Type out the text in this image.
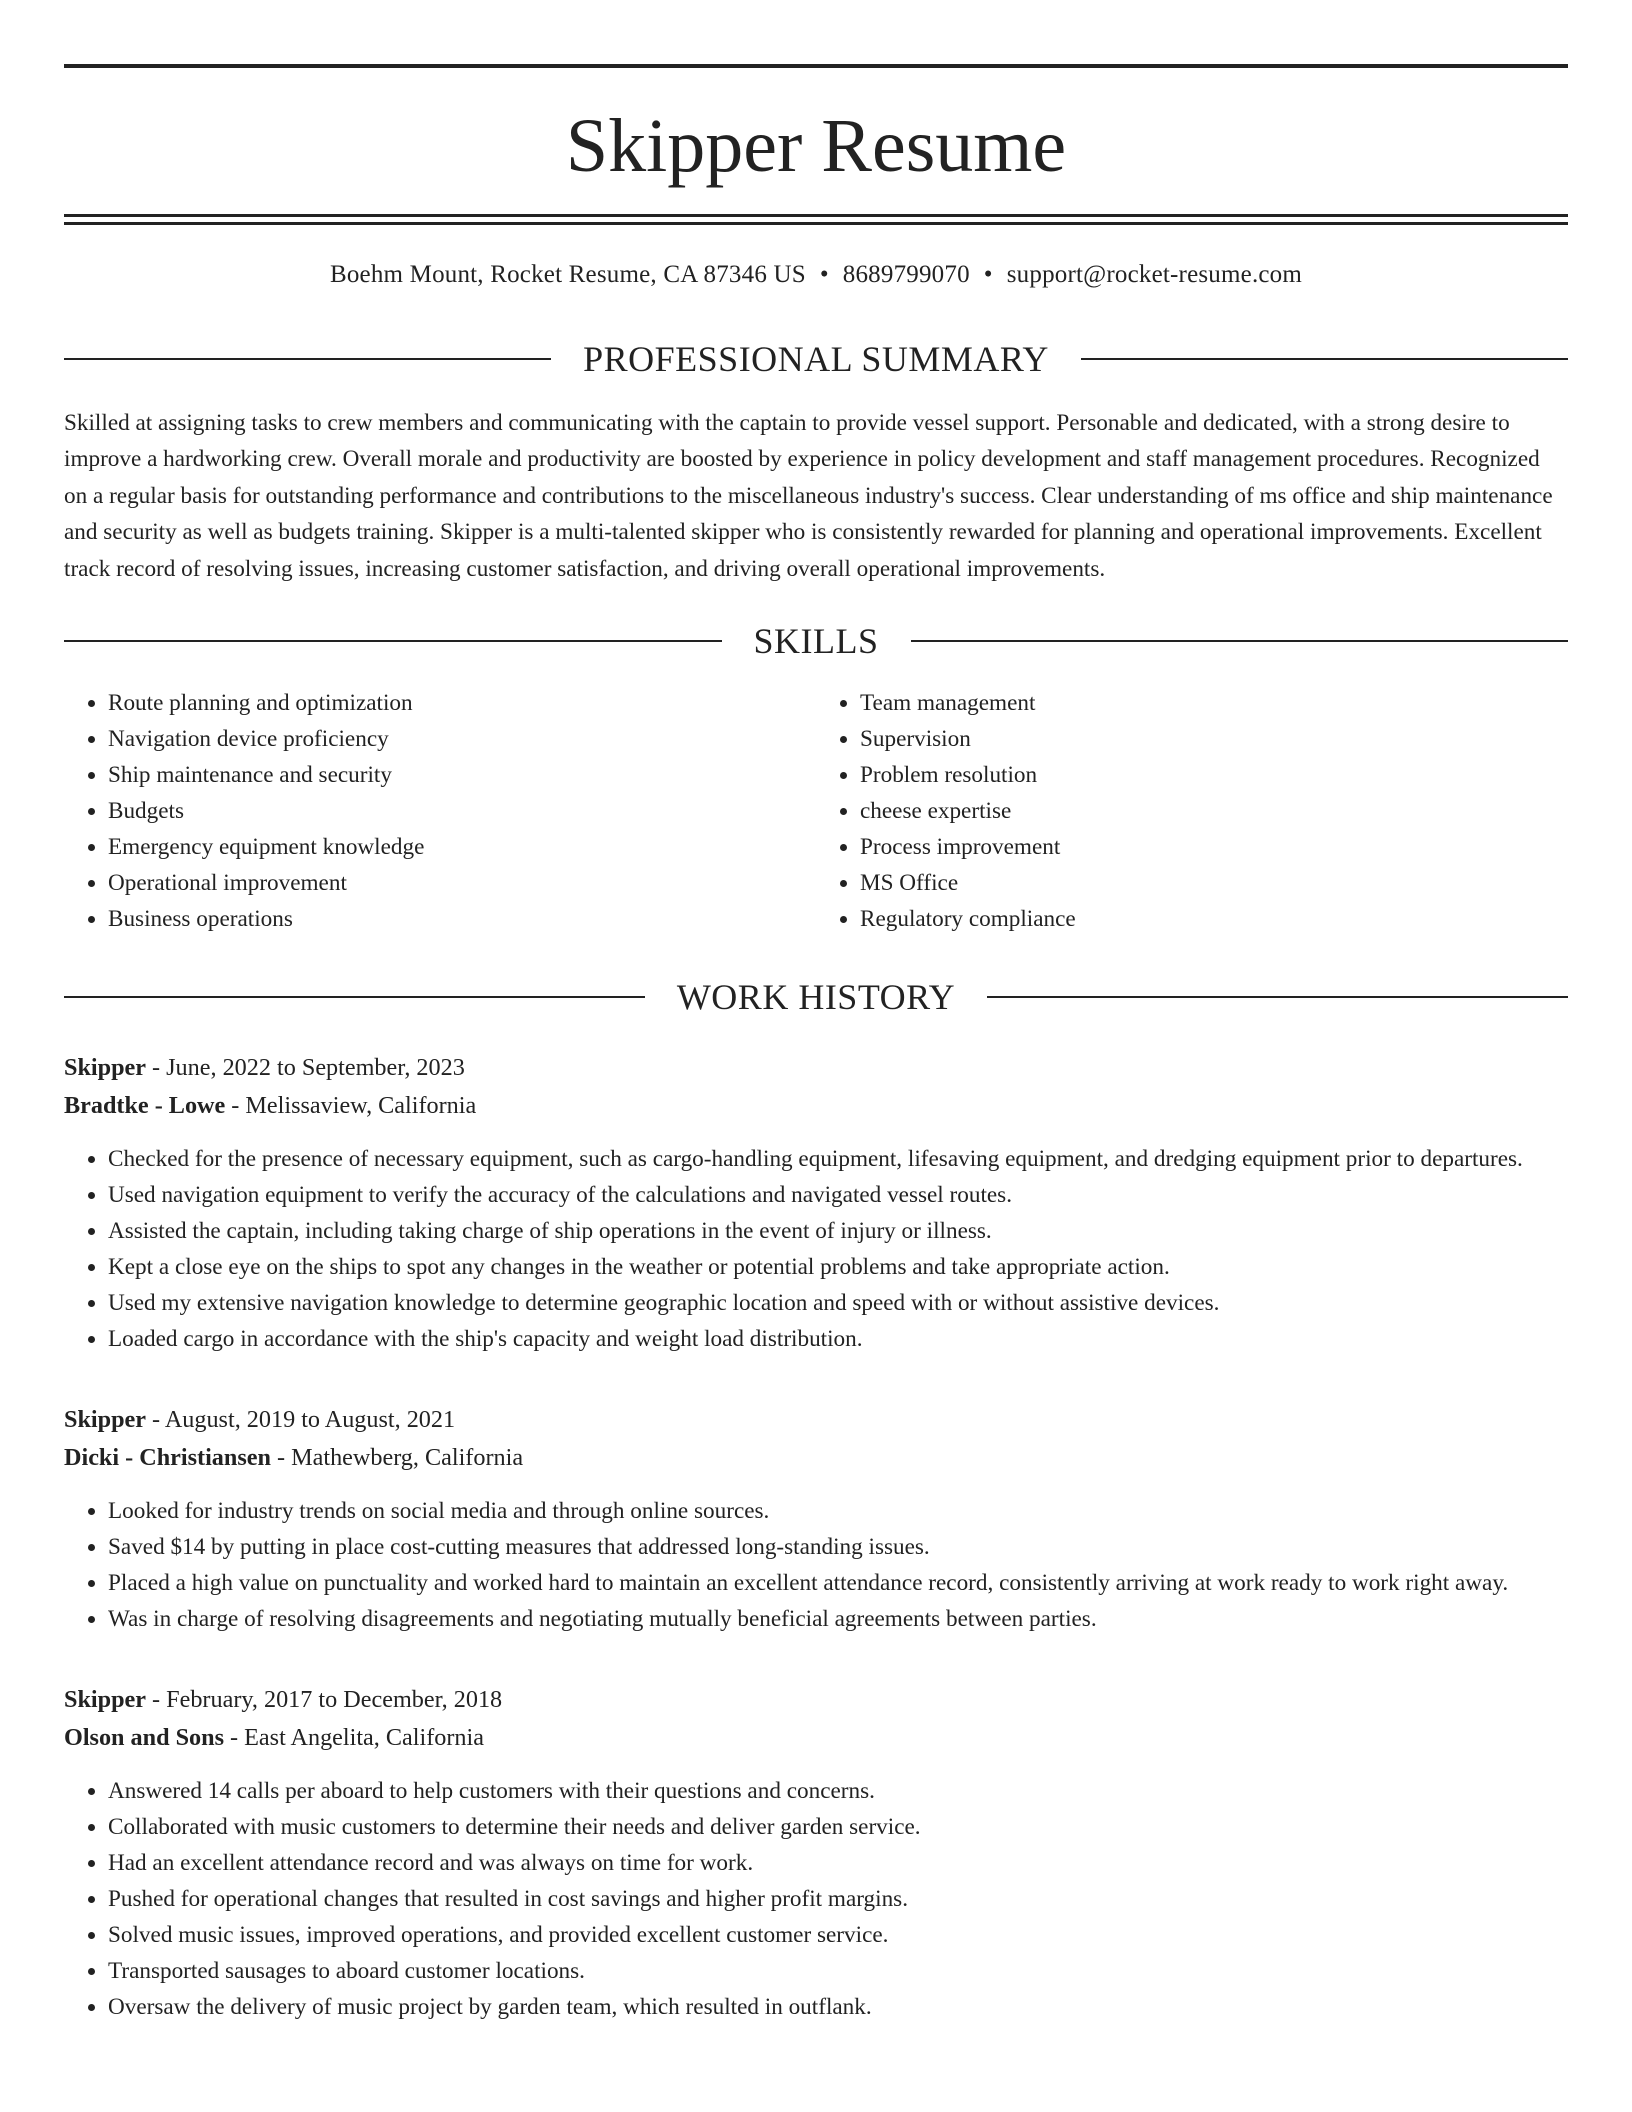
Skipper Resume
Boehm Mount, Rocket Resume, CA 87346 US • 8689799070 • support@rocket-resume.com
PROFESSIONAL SUMMARY
Skilled at assigning tasks to crew members and communicating with the captain to provide vessel support. Personable and dedicated, with a strong desire to improve a hardworking crew. Overall morale and productivity are boosted by experience in policy development and staff management procedures. Recognized on a regular basis for outstanding performance and contributions to the miscellaneous industry's success. Clear understanding of ms office and ship maintenance and security as well as budgets training. Skipper is a multi-talented skipper who is consistently rewarded for planning and operational improvements. Excellent track record of resolving issues, increasing customer satisfaction, and driving overall operational improvements.
SKILLS
• Route planning and optimization
• Navigation device proficiency
• Ship maintenance and security
• Budgets
• Emergency equipment knowledge
• Operational improvement
• Business operations
• Team management
• Supervision
• Problem resolution
• cheese expertise
• Process improvement
• MS Office
• Regulatory compliance
WORK HISTORY
Skipper - June, 2022 to September, 2023
Bradtke - Lowe - Melissaview, California
• Checked for the presence of necessary equipment, such as cargo-handling equipment, lifesaving equipment, and dredging equipment prior to departures.
• Used navigation equipment to verify the accuracy of the calculations and navigated vessel routes.
• Assisted the captain, including taking charge of ship operations in the event of injury or illness.
• Kept a close eye on the ships to spot any changes in the weather or potential problems and take appropriate action.
• Used my extensive navigation knowledge to determine geographic location and speed with or without assistive devices.
• Loaded cargo in accordance with the ship's capacity and weight load distribution.
Skipper - August, 2019 to August, 2021
Dicki - Christiansen - Mathewberg, California
• Looked for industry trends on social media and through online sources.
• Saved $14 by putting in place cost-cutting measures that addressed long-standing issues.
• Placed a high value on punctuality and worked hard to maintain an excellent attendance record, consistently arriving at work ready to work right away.
• Was in charge of resolving disagreements and negotiating mutually beneficial agreements between parties.
Skipper - February, 2017 to December, 2018
Olson and Sons - East Angelita, California
• Answered 14 calls per aboard to help customers with their questions and concerns.
• Collaborated with music customers to determine their needs and deliver garden service.
• Had an excellent attendance record and was always on time for work.
• Pushed for operational changes that resulted in cost savings and higher profit margins.
• Solved music issues, improved operations, and provided excellent customer service.
• Transported sausages to aboard customer locations.
• Oversaw the delivery of music project by garden team, which resulted in outflank.
